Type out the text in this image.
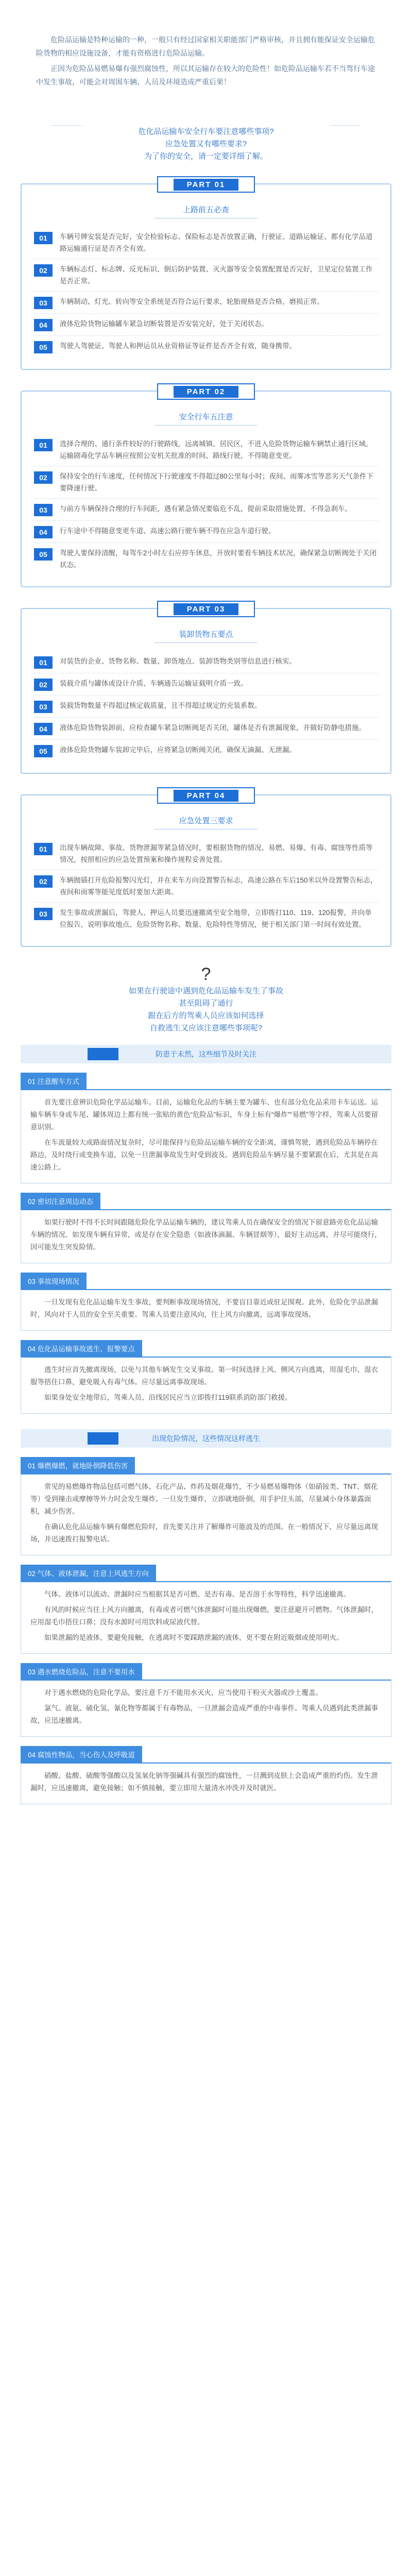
危险品运输是特种运输的一种，一般只有经过国家相关职能部门严格审核，并且拥有能保证安全运输危险货物的相应设施设备，才能有资格进行危险品运输。

正因为危险品易燃易爆有强烈腐蚀性，所以其运输存在较大的危险性！如危险品运输车若不当驾行车途中发生事故，可能会对周围车辆、人员及环境造成严重后果！

危化品运输车安全行车要注意哪些事项?
应急处置又有哪些要求?
为了你的安全，请一定要详细了解。
PART 01
上路前五必查
01	车辆号牌安装是否完好，安全检验标志、保险标志是否放置正确，行驶证、道路运输证、都有化学品道路运输通行证是否齐全有效。
02	车辆标志灯、标志牌、反光标识、倒后防护装置、灭火器等安全装置配置是否完好，卫星定位装置工作是否正常。
03	车辆制动、灯光、转向等安全系统是否符合运行要求，轮胎规格是否合格，磨损正常。
04	液体危险货物运输罐车紧急切断装置是否安装完好，处于关闭状态。
05	驾驶人驾驶证、驾驶人和押运员从业资格证等证件是否齐全有效，随身携带。
PART 02
安全行车五注意
01	选择合理的、通行条件较好的行驶路线，远离城镇、居民区，不进入危险货物运输车辆禁止通行区域。运输剧毒化学品车辆应按照公安机关批准的时间、路线行驶，不得随意变更。
02	保持安全的行车速度，任何情况下行驶速度不得超过80公里每小时；夜间、雨雾冰雪等恶劣天气条件下要降速行驶。
03	与前方车辆保持合理的行车间距，遇有紧急情况要临危不乱，提前采取措施处置，不得急刹车。
04	行车途中不得随意变更车道、高速公路行驶车辆不得在应急车道行驶。
05	驾驶人要保持清醒，每驾车2小时左右应停车休息，开放时要看车辆技术状况，确保紧急切断阀处于关闭状态。
PART 03
装卸货物五要点
01	对装货的企业、货物名称、数量、卸货地点、装卸货物类别等信息进行核实。
02	装载介质与罐体或设计介质、车辆通告运输证载明介质一致。
03	装载货物数量不得超过核定载质量，且不得超过规定的充装系数。
04	液体危险货物装卸前，应检查罐车紧急切断阀是否关闭，罐体是否有泄漏现象，并做好防静电措施。
05	液体危险货物罐车装卸完毕后，应将紧急切断阀关闭，确保无滴漏、无泄漏。
PART 04
应急处置三要求
01	出现车辆故障、事故、货物泄漏等紧急情况时，要根据货物的情况、易燃、易爆、有毒、腐蚀等性质等情况，按照相应的应急处置预案和操作规程妥善处置。
02	车辆抛锚打开危险报警闪光灯，并在来车方向设置警告标志，高速公路在车后150米以外设置警告标志，夜间和雨雾等能见度低时要加大距离。
03	发生事故或泄漏后，驾驶人、押运人员要迅速撤离至安全地带，立即拨打110、119、120报警，并向单位报告，说明事故地点、危险货物名称、数量、危险特性等情况，便于相关部门第一时间有效处置。
?
如果在行驶途中遇到危化品运输车发生了事故
甚至阻碍了通行
跟在后方的驾乘人员应该如何选择
自救逃生又应该注意哪些事项呢?
防患于未然，这些细节及时关注
01 注意醒车方式

首先要注意辨识危险化学品运输车。目前，运输危化品的车辆主要为罐车、也有部分危化品采用卡车运送。运输车辆车身或车尾、罐体周边上都有统一张贴的黄色“危险品”标识，车身上标有“爆炸”“易燃”等字样，驾乘人员要留意识别。

在车流量较大或路面情况复杂时，尽可能保持与危险品运输车辆的安全距离，谨慎驾驶，遇到危险品车辆停在路边，及时绕行或变换车道，以免一旦泄漏事故发生时受到波及。遇到危险品车辆尽量不要紧跟在后，尤其是在高速公路上。

02 密切注意周边动态

如果行驶时不得不长时间跟随危险化学品运输车辆的，建议驾乘人员在确保安全的情况下留意路旁危化品运输车辆的情况。如发现车辆有异常，或是存在安全隐患（如液体滴漏、车辆冒烟等），最好主动远离，并尽可能绕行，因可能发生突发险情。

03 事故现场情况

一旦发现有危化品运输车发生事故，要判断事故现场情况，不要盲目靠近或驻足围观。此外，危险化学品泄漏时，风向对于人员的安全至关重要。驾乘人员要注意风向，往上风方向撤离，远离事故现场。

04 危化品运输事故逃生、报警要点

逃生时应首先撤离现场，以免与其他车辆发生交叉事故。第一时间选择上风、侧风方向逃离，用湿毛巾、湿衣服等捂住口鼻，避免吸入有毒气体。应尽量远离事故现场。

如果身处安全地带后，驾乘人员、沿线居民应当立即拨打119联系消防部门救援。

出现危险情况，这些情况这样逃生
01 爆燃爆燃，就地卧倒降低伤害

常见的易燃爆炸物品包括可燃气体、石化产品、炸药及烟花爆竹，不少易燃易爆物体（如硝铵类、TNT、烟花等）受到撞击或摩擦等外力时会发生爆炸。一旦发生爆炸，立即就地卧倒，用手护住头部，尽量减小身体暴露面积，减少伤害。

在确认危化品运输车辆有爆燃危险时，首先要关注并了解爆炸可能波及的范围。在一般情况下，应尽量远离现场，并迅速拨打报警电话。

02 气体、液体泄漏，注意上风逃生方向

气体、液体可以流动、泄漏时应当根据其是否可燃、是否有毒、是否溶于水等特性，科学迅速撤离。

有风的时候应当往上风方向撤离，有毒或者可燃气体泄漏时可能出现爆燃，要注意避开可燃物。气体泄漏时，应用湿毛巾捂住口鼻；没有水源时可用饮料或尿液代替。

如果泄漏的是液体，要避免接触，在逃离时不要踩踏泄漏的液体，更不要在附近吸烟或使用明火。

03 遇水燃烧危险品，注意不要用水

对于遇水燃烧的危险化学品，要注意千万不能用水灭火，应当使用干粉灭火器或沙土覆盖。

氯气、液氨、硫化氢、氰化物等都属于有毒物品，一旦泄漏会造成严重的中毒事件。驾乘人员遇到此类泄漏事故，应迅速撤离。

04 腐蚀性物品，当心伤人及呼吸道

硝酸、盐酸、硫酸等强酸以及氢氧化钠等强碱具有强烈的腐蚀性，一旦溅到皮肤上会造成严重的灼伤。发生泄漏时，应迅速撤离，避免接触；如不慎接触，要立即用大量清水冲洗并及时就医。
